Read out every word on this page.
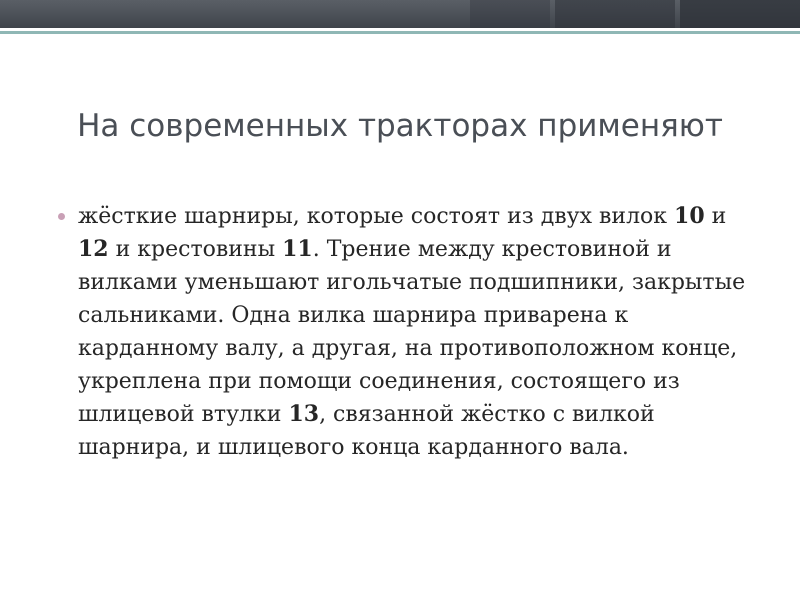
На современных тракторах применяют
жёсткие шарниры, которые состоят из двух вилок 10 и 12 и крестовины 11. Трение между крестовиной и вилками уменьшают игольчатые подшипники, закрытые сальниками. Одна вилка шарнира приварена к карданному валу, а другая, на противоположном конце, укреплена при помощи соединения, состоящего из шлицевой втулки 13, связанной жёстко с вилкой шарнира, и шлицевого конца карданного вала.
